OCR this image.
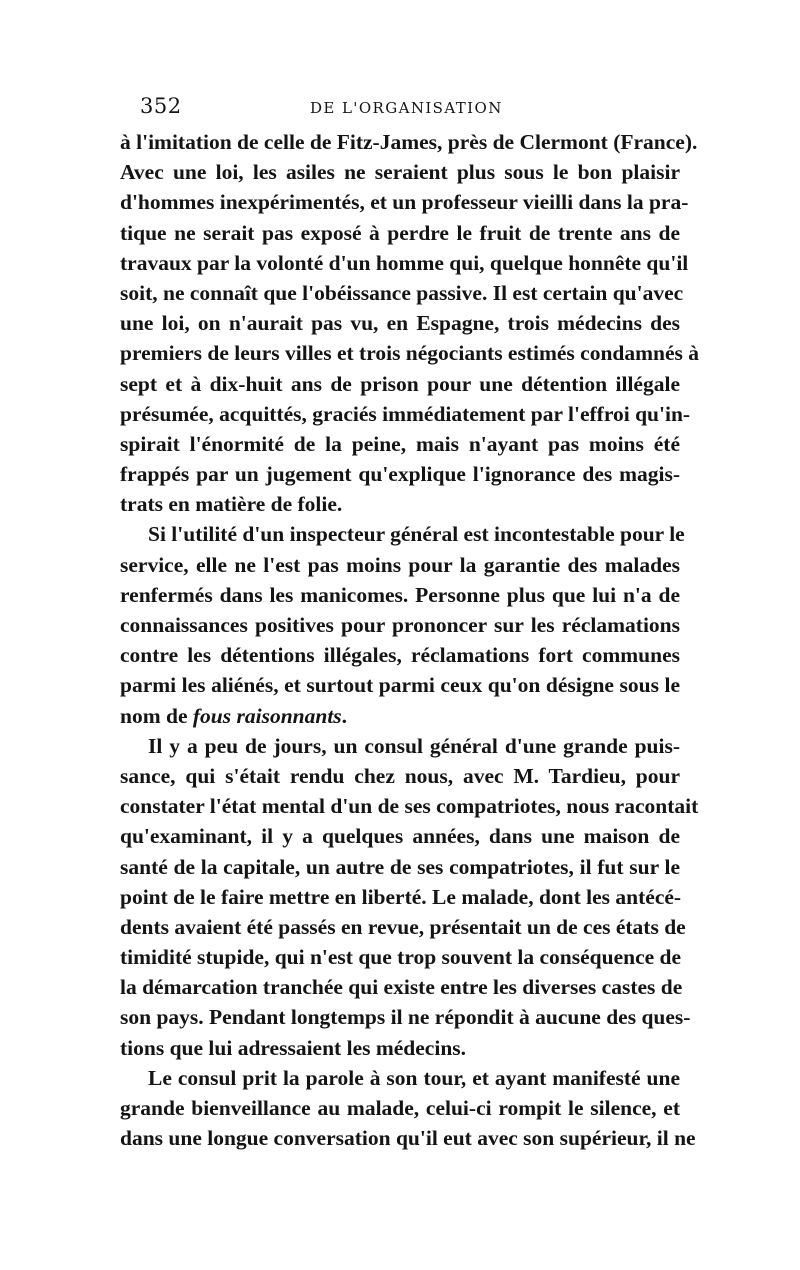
352	DE L'ORGANISATION
à l'imitation de celle de Fitz-James, près de Clermont (France).
Avec une loi, les asiles ne seraient plus sous le bon plaisir
d'hommes inexpérimentés, et un professeur vieilli dans la pra-
tique ne serait pas exposé à perdre le fruit de trente ans de
travaux par la volonté d'un homme qui, quelque honnête qu'il
soit, ne connaît que l'obéissance passive. Il est certain qu'avec
une loi, on n'aurait pas vu, en Espagne, trois médecins des
premiers de leurs villes et trois négociants estimés condamnés à
sept et à dix-huit ans de prison pour une détention illégale
présumée, acquittés, graciés immédiatement par l'effroi qu'in-
spirait l'énormité de la peine, mais n'ayant pas moins été
frappés par un jugement qu'explique l'ignorance des magis-
trats en matière de folie.
Si l'utilité d'un inspecteur général est incontestable pour le
service, elle ne l'est pas moins pour la garantie des malades
renfermés dans les manicomes. Personne plus que lui n'a de
connaissances positives pour prononcer sur les réclamations
contre les détentions illégales, réclamations fort communes
parmi les aliénés, et surtout parmi ceux qu'on désigne sous le
nom de fous raisonnants.
Il y a peu de jours, un consul général d'une grande puis-
sance, qui s'était rendu chez nous, avec M. Tardieu, pour
constater l'état mental d'un de ses compatriotes, nous racontait
qu'examinant, il y a quelques années, dans une maison de
santé de la capitale, un autre de ses compatriotes, il fut sur le
point de le faire mettre en liberté. Le malade, dont les antécé-
dents avaient été passés en revue, présentait un de ces états de
timidité stupide, qui n'est que trop souvent la conséquence de
la démarcation tranchée qui existe entre les diverses castes de
son pays. Pendant longtemps il ne répondit à aucune des ques-
tions que lui adressaient les médecins.
Le consul prit la parole à son tour, et ayant manifesté une
grande bienveillance au malade, celui-ci rompit le silence, et
dans une longue conversation qu'il eut avec son supérieur, il ne
